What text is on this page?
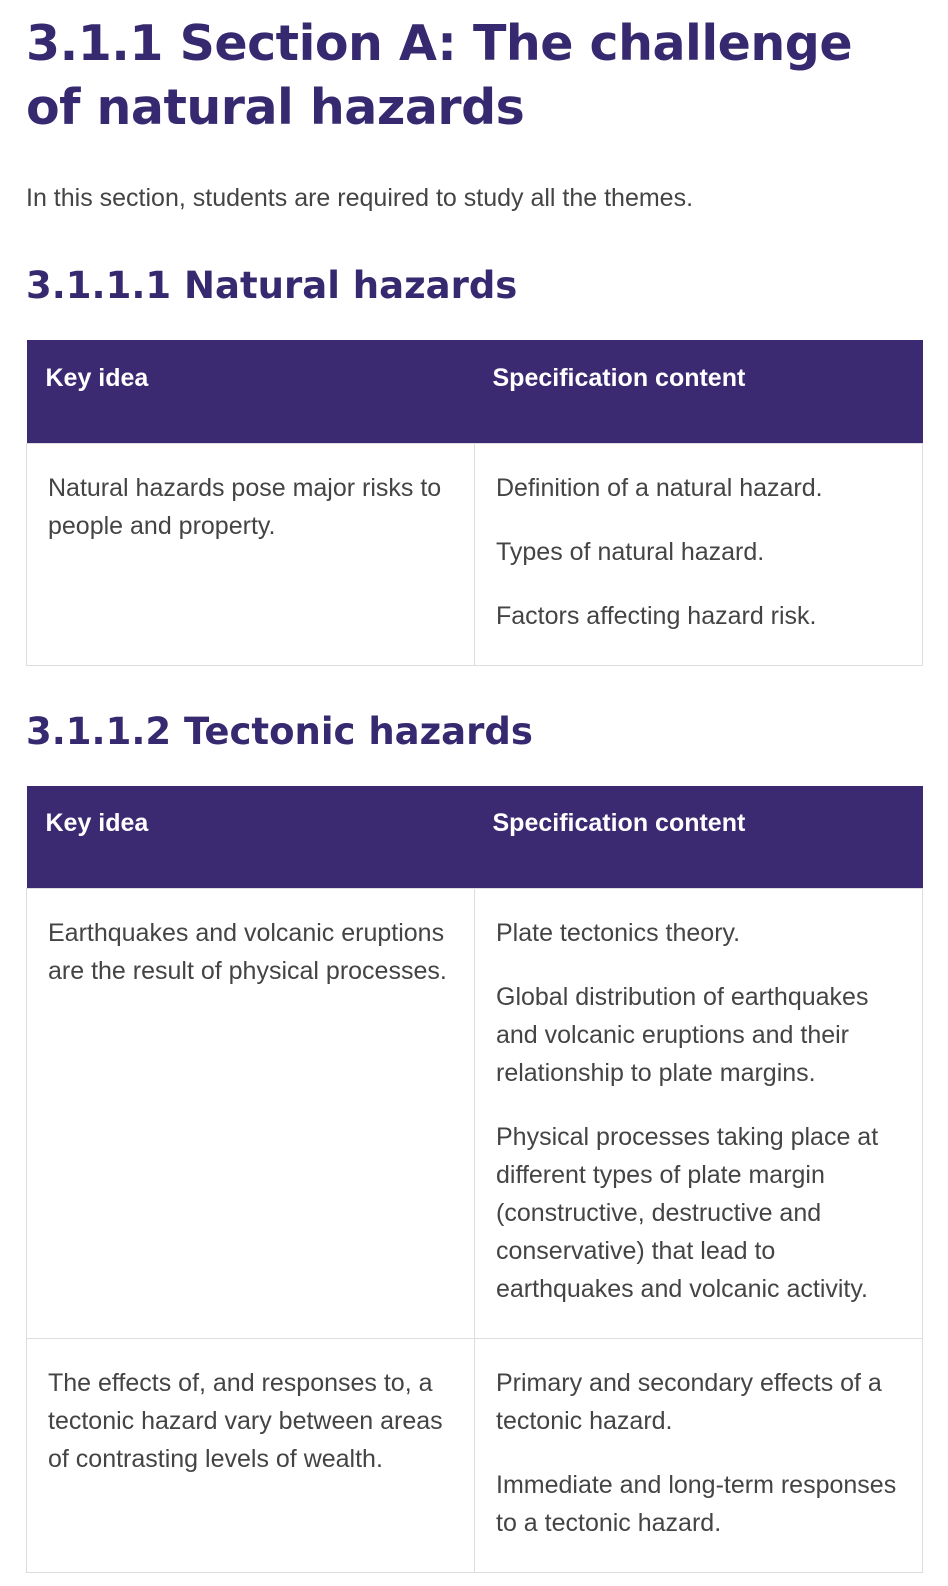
3.1.1 Section A: The challenge of natural hazards

In this section, students are required to study all the themes.

3.1.1.1 Natural hazards
Key idea	Specification content

Natural hazards pose major risks to people and property.	Definition of a natural hazard.

Types of natural hazard.

Factors affecting hazard risk.

3.1.1.2 Tectonic hazards
Key idea	Specification content

Earthquakes and volcanic eruptions are the result of physical processes.	Plate tectonics theory.

Global distribution of earthquakes and volcanic eruptions and their relationship to plate margins.

Physical processes taking place at different types of plate margin (constructive, destructive and conservative) that lead to earthquakes and volcanic activity.

The effects of, and responses to, a tectonic hazard vary between areas of contrasting levels of wealth.	Primary and secondary effects of a tectonic hazard.

Immediate and long-term responses to a tectonic hazard.
